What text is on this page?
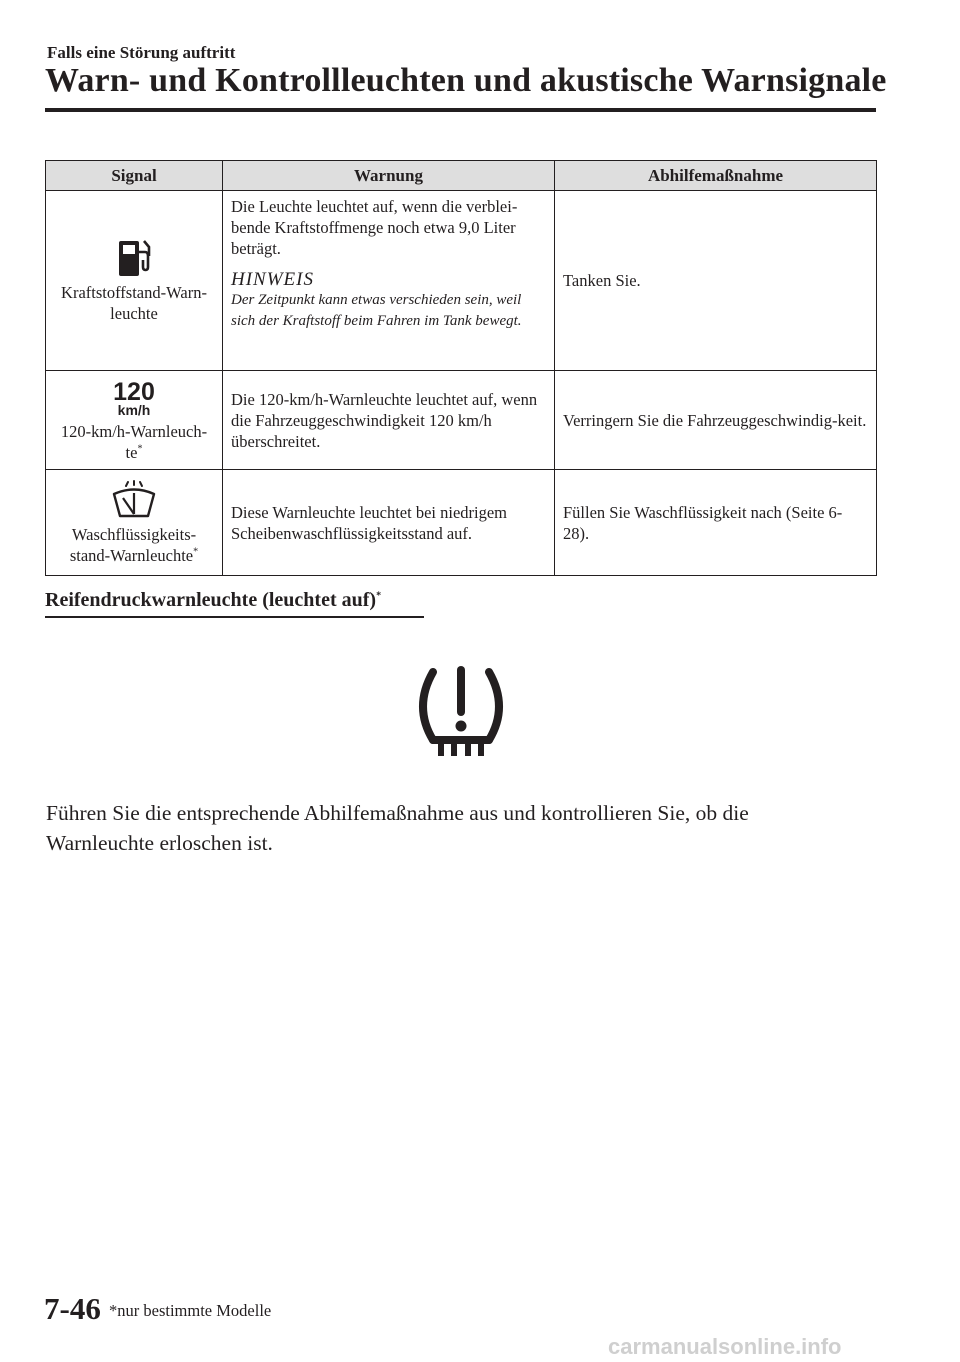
Falls eine Störung auftritt
Warn- und Kontrollleuchten und akustische Warnsignale
Signal	Warnung	Abhilfemaßnahme

Kraftstoffstand-Warn-
leuchte	Die Leuchte leuchtet auf, wenn die verblei-bende Kraftstoffmenge noch etwa 9,0 Liter beträgt.
HINWEIS
Der Zeitpunkt kann etwas verschieden sein, weil sich der Kraftstoff beim Fahren im Tank bewegt.	Tanken Sie.

120
km/h
120-km/h-Warnleuch-
te*	Die 120-km/h-Warnleuchte leuchtet auf, wenn die Fahrzeuggeschwindigkeit 120 km/h überschreitet.	Verringern Sie die Fahrzeuggeschwindig-keit.

Waschflüssigkeits-
stand-Warnleuchte*	Diese Warnleuchte leuchtet bei niedrigem Scheibenwaschflüssigkeitsstand auf.	Füllen Sie Waschflüssigkeit nach (Seite 6-28).
Reifendruckwarnleuchte (leuchtet auf)*
Führen Sie die entsprechende Abhilfemaßnahme aus und kontrollieren Sie, ob die Warnleuchte erloschen ist.
7-46 *nur bestimmte Modelle
carmanualsonline.info
